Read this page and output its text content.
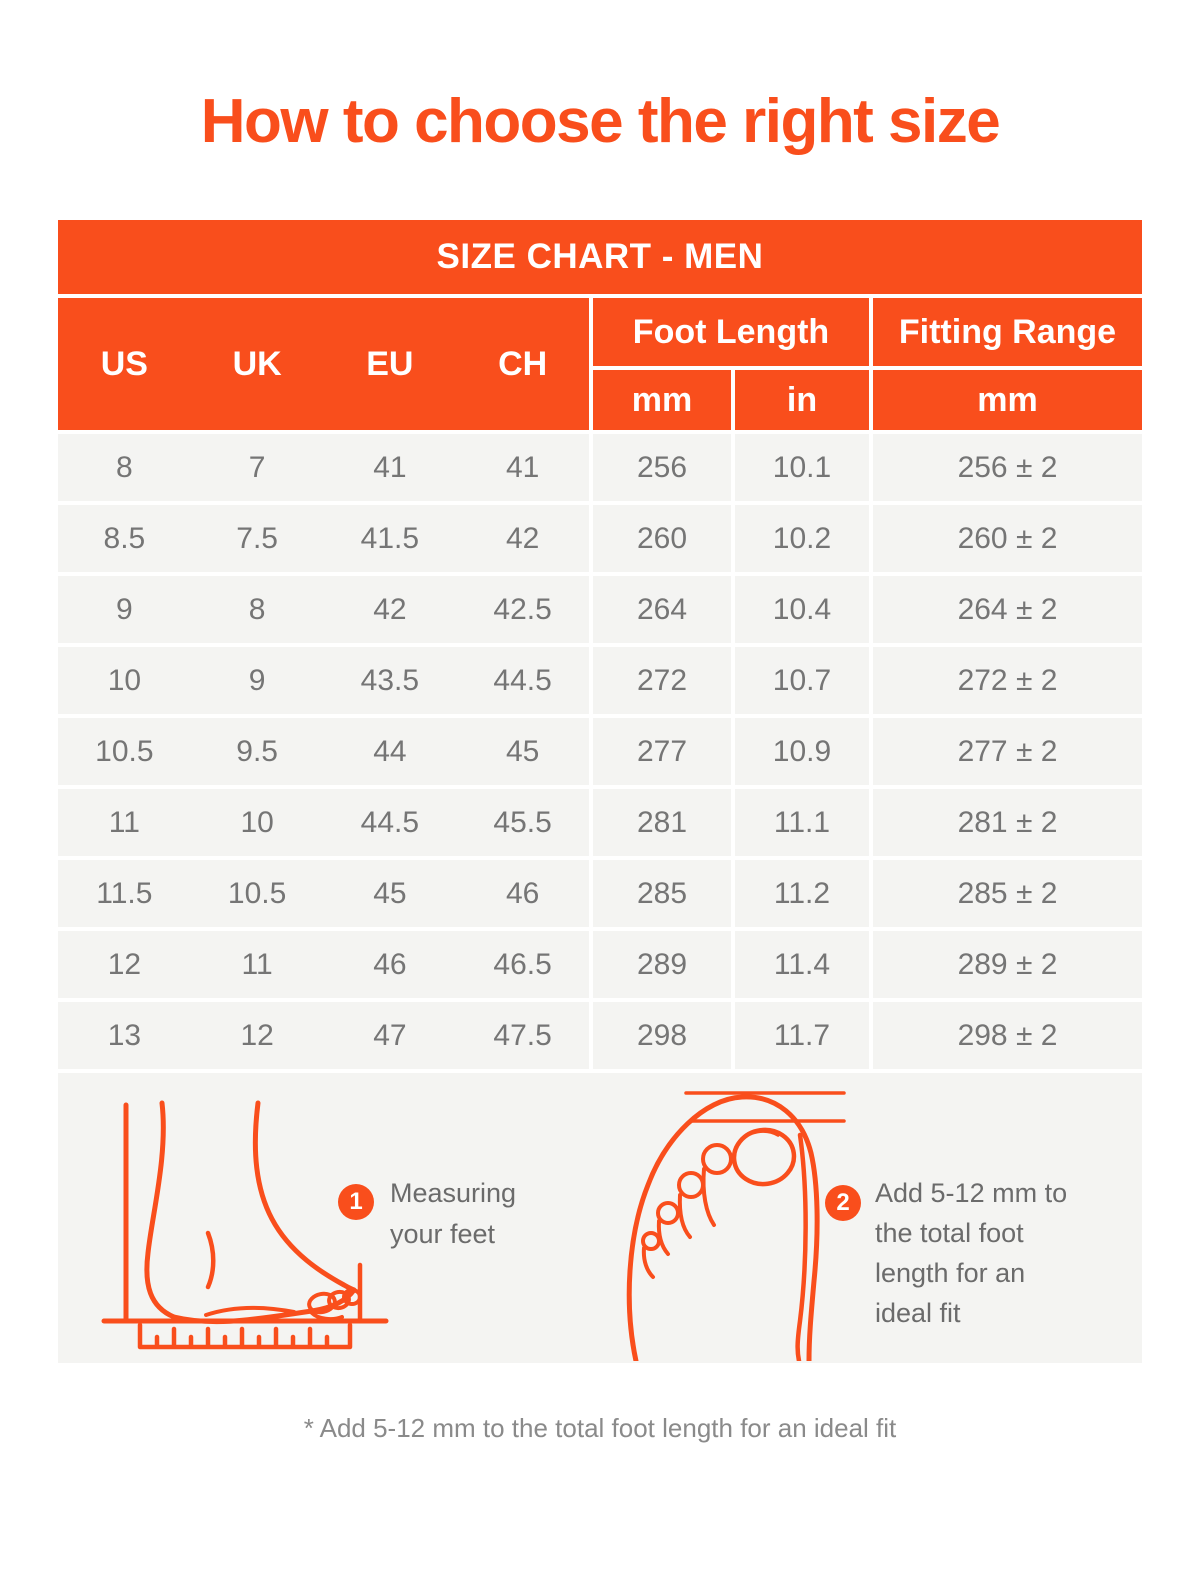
How to choose the right size
SIZE CHART - MEN
US	UK	EU	CH
Foot Length	Fitting Range
mm	in	mm
8	7	41	41	256	10.1	256 ± 2
8.5	7.5	41.5	42	260	10.2	260 ± 2
9	8	42	42.5	264	10.4	264 ± 2
10	9	43.5	44.5	272	10.7	272 ± 2
10.5	9.5	44	45	277	10.9	277 ± 2
11	10	44.5	45.5	281	11.1	281 ± 2
11.5	10.5	45	46	285	11.2	285 ± 2
12	11	46	46.5	289	11.4	289 ± 2
13	12	47	47.5	298	11.7	298 ± 2
1 Measuring
your feet
2 Add 5-12 mm to
the total foot
length for an
ideal fit
* Add 5-12 mm to the total foot length for an ideal fit
